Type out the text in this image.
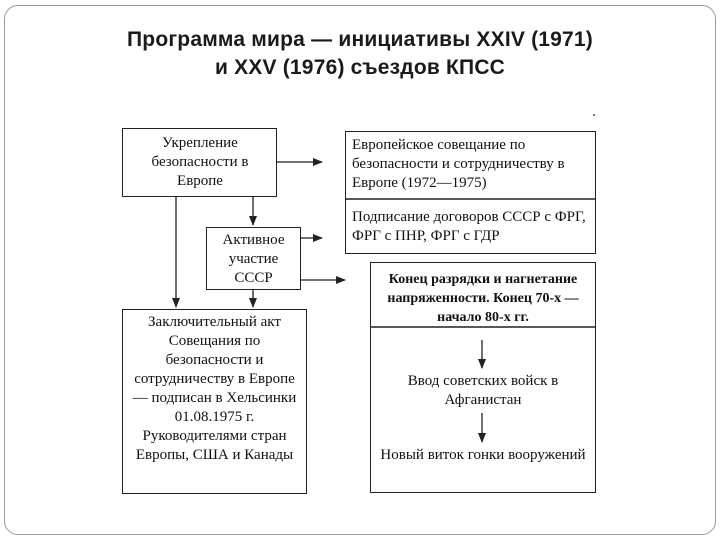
Программа мира — инициативы XXIV (1971)
и XXV (1976) съездов КПСС
Укрепление безопасности в Европе
Активное участие СССР
Заключительный акт Совещания по безопасности и сотрудничеству в Европе — подписан в Хельсинки 01.08.1975 г. Руководителями стран Европы, США и Канады
Европейское совещание по безопасности и сотрудничеству в Европе (1972—1975)
Подписание договоров СССР с ФРГ, ФРГ с ПНР, ФРГ с ГДР
Конец разрядки и нагнетание напряженности. Конец 70-х — начало 80-х гг.
Ввод советских войск в Афганистан
Новый виток гонки вооружений
